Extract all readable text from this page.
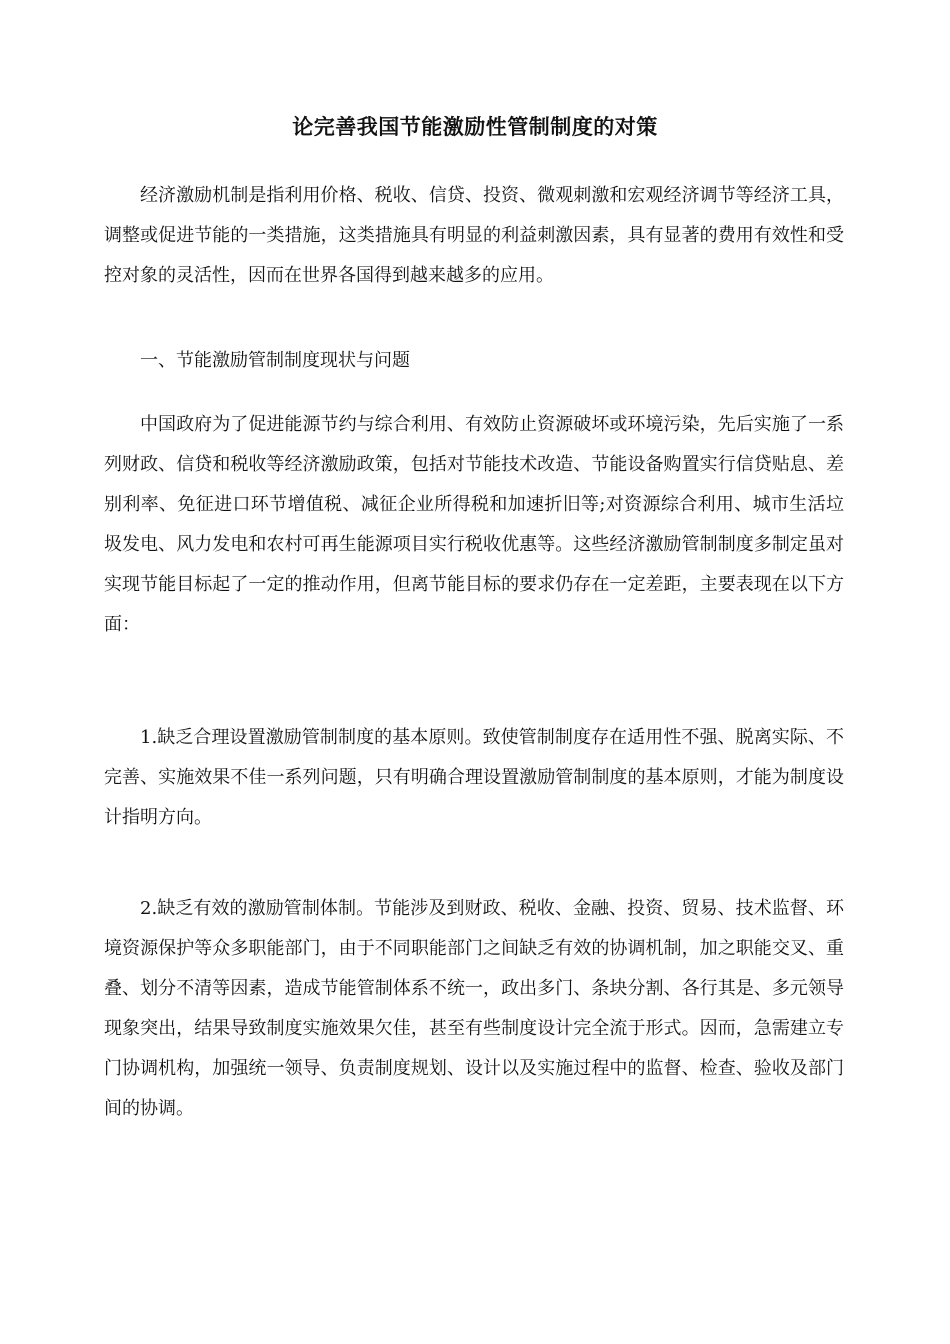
论完善我国节能激励性管制制度的对策

经济激励机制是指利用价格、税收、信贷、投资、微观刺激和宏观经济调节等经济工具，调整或促进节能的一类措施，这类措施具有明显的利益刺激因素，具有显著的费用有效性和受控对象的灵活性，因而在世界各国得到越来越多的应用。

一、节能激励管制制度现状与问题

中国政府为了促进能源节约与综合利用、有效防止资源破坏或环境污染，先后实施了一系列财政、信贷和税收等经济激励政策，包括对节能技术改造、节能设备购置实行信贷贴息、差别利率、免征进口环节增值税、减征企业所得税和加速折旧等;对资源综合利用、城市生活垃圾发电、风力发电和农村可再生能源项目实行税收优惠等。这些经济激励管制制度多制定虽对实现节能目标起了一定的推动作用，但离节能目标的要求仍存在一定差距，主要表现在以下方面：

1.缺乏合理设置激励管制制度的基本原则。致使管制制度存在适用性不强、脱离实际、不完善、实施效果不佳一系列问题，只有明确合理设置激励管制制度的基本原则，才能为制度设计指明方向。

2.缺乏有效的激励管制体制。节能涉及到财政、税收、金融、投资、贸易、技术监督、环境资源保护等众多职能部门，由于不同职能部门之间缺乏有效的协调机制，加之职能交叉、重叠、划分不清等因素，造成节能管制体系不统一，政出多门、条块分割、各行其是、多元领导现象突出，结果导致制度实施效果欠佳，甚至有些制度设计完全流于形式。因而，急需建立专门协调机构，加强统一领导、负责制度规划、设计以及实施过程中的监督、检查、验收及部门间的协调。
